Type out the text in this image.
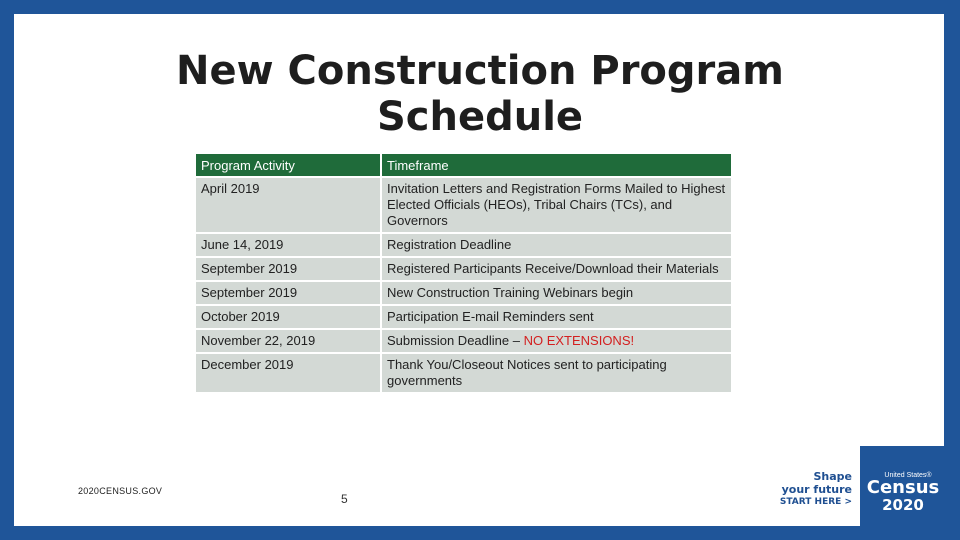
New Construction Program
Schedule
Program Activity	Timeframe
April 2019	Invitation Letters and Registration Forms Mailed to Highest Elected Officials (HEOs), Tribal Chairs (TCs), and Governors
June 14, 2019	Registration Deadline
September 2019	Registered Participants Receive/Download their Materials
September 2019	New Construction Training Webinars begin
October 2019	Participation E-mail Reminders sent
November 22, 2019	Submission Deadline – NO EXTENSIONS!
December 2019	Thank You/Closeout Notices sent to participating governments
2020CENSUS.GOV
5
Shape
your future
START HERE >
United States®
Census
2020
